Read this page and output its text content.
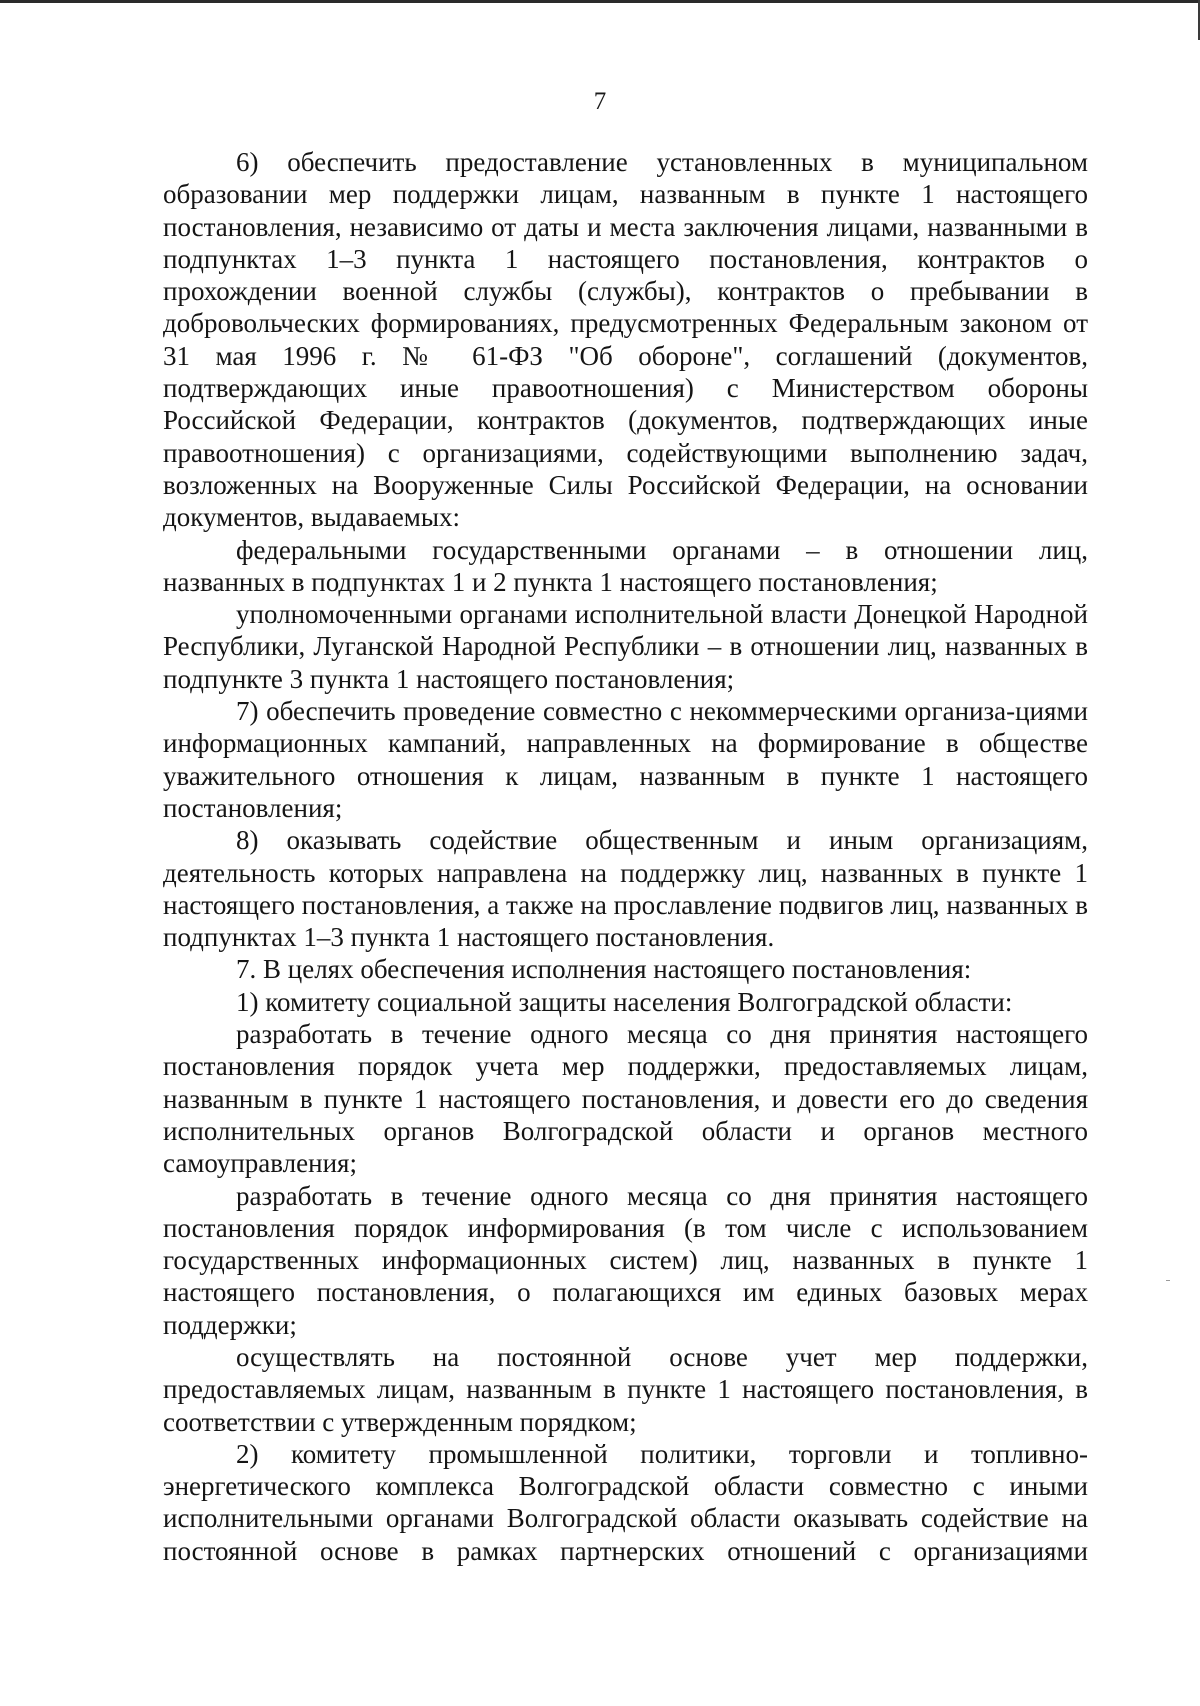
7

6) обеспечить предоставление установленных в муниципальном образовании мер поддержки лицам, названным в пункте 1 настоящего постановления, независимо от даты и места заключения лицами, названными в подпунктах 1–3 пункта 1 настоящего постановления, контрактов о прохождении военной службы (службы), контрактов о пребывании в добровольческих формированиях, предусмотренных Федеральным законом от 31 мая 1996 г. № 61-ФЗ "Об обороне", соглашений (документов, подтверждающих иные правоотношения) с Министерством обороны Российской Федерации, контрактов (документов, подтверждающих иные правоотношения) с организациями, содействующими выполнению задач, возложенных на Вооруженные Силы Российской Федерации, на основании документов, выдаваемых:

федеральными государственными органами – в отношении лиц, названных в подпунктах 1 и 2 пункта 1 настоящего постановления;

уполномоченными органами исполнительной власти Донецкой Народной Республики, Луганской Народной Республики – в отношении лиц, названных в подпункте 3 пункта 1 настоящего постановления;

7) обеспечить проведение совместно с некоммерческими организа-циями информационных кампаний, направленных на формирование в обществе уважительного отношения к лицам, названным в пункте 1 настоящего постановления;

8) оказывать содействие общественным и иным организациям, деятельность которых направлена на поддержку лиц, названных в пункте 1 настоящего постановления, а также на прославление подвигов лиц, названных в подпунктах 1–3 пункта 1 настоящего постановления.

7. В целях обеспечения исполнения настоящего постановления:

1) комитету социальной защиты населения Волгоградской области:

разработать в течение одного месяца со дня принятия настоящего постановления порядок учета мер поддержки, предоставляемых лицам, названным в пункте 1 настоящего постановления, и довести его до сведения исполнительных органов Волгоградской области и органов местного самоуправления;

разработать в течение одного месяца со дня принятия настоящего постановления порядок информирования (в том числе с использованием государственных информационных систем) лиц, названных в пункте 1 настоящего постановления, о полагающихся им единых базовых мерах поддержки;

осуществлять на постоянной основе учет мер поддержки, предоставляемых лицам, названным в пункте 1 настоящего постановления, в соответствии с утвержденным порядком;

2) комитету промышленной политики, торговли и топливно-энергетического комплекса Волгоградской области совместно с иными исполнительными органами Волгоградской области оказывать содействие на постоянной основе в рамках партнерских отношений с организациями
